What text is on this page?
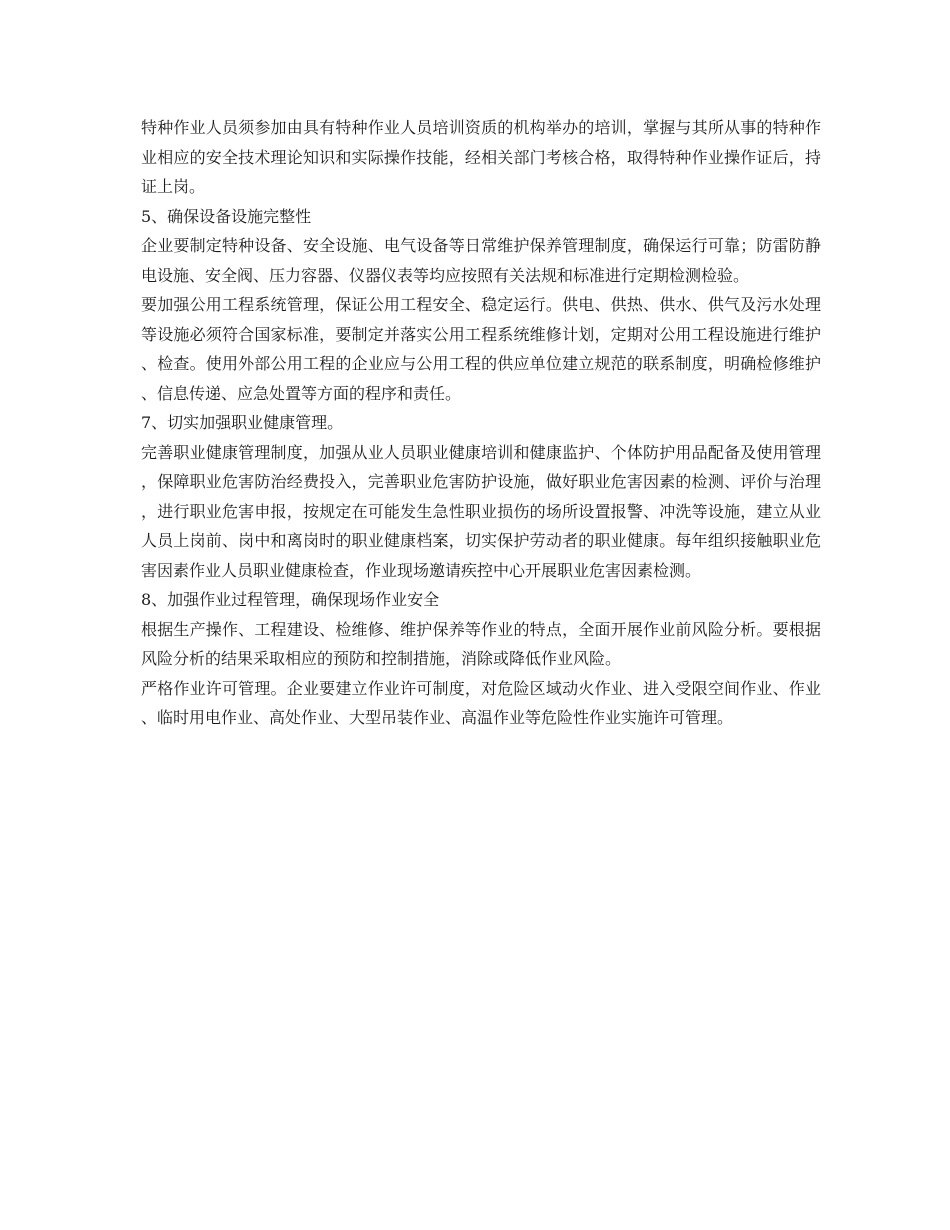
特种作业人员须参加由具有特种作业人员培训资质的机构举办的培训，掌握与其所从事的特种作业相应的安全技术理论知识和实际操作技能，经相关部门考核合格，取得特种作业操作证后，持证上岗。

5、确保设备设施完整性

企业要制定特种设备、安全设施、电气设备等日常维护保养管理制度，确保运行可靠；防雷防静电设施、安全阀、压力容器、仪器仪表等均应按照有关法规和标准进行定期检测检验。

要加强公用工程系统管理，保证公用工程安全、稳定运行。供电、供热、供水、供气及污水处理等设施必须符合国家标准，要制定并落实公用工程系统维修计划，定期对公用工程设施进行维护、检查。使用外部公用工程的企业应与公用工程的供应单位建立规范的联系制度，明确检修维护、信息传递、应急处置等方面的程序和责任。

7、切实加强职业健康管理。

完善职业健康管理制度，加强从业人员职业健康培训和健康监护、个体防护用品配备及使用管理，保障职业危害防治经费投入，完善职业危害防护设施，做好职业危害因素的检测、评价与治理，进行职业危害申报，按规定在可能发生急性职业损伤的场所设置报警、冲洗等设施，建立从业人员上岗前、岗中和离岗时的职业健康档案，切实保护劳动者的职业健康。每年组织接触职业危害因素作业人员职业健康检查，作业现场邀请疾控中心开展职业危害因素检测。

8、加强作业过程管理，确保现场作业安全

根据生产操作、工程建设、检维修、维护保养等作业的特点，全面开展作业前风险分析。要根据风险分析的结果采取相应的预防和控制措施，消除或降低作业风险。

严格作业许可管理。企业要建立作业许可制度，对危险区域动火作业、进入受限空间作业、作业、临时用电作业、高处作业、大型吊装作业、高温作业等危险性作业实施许可管理。
